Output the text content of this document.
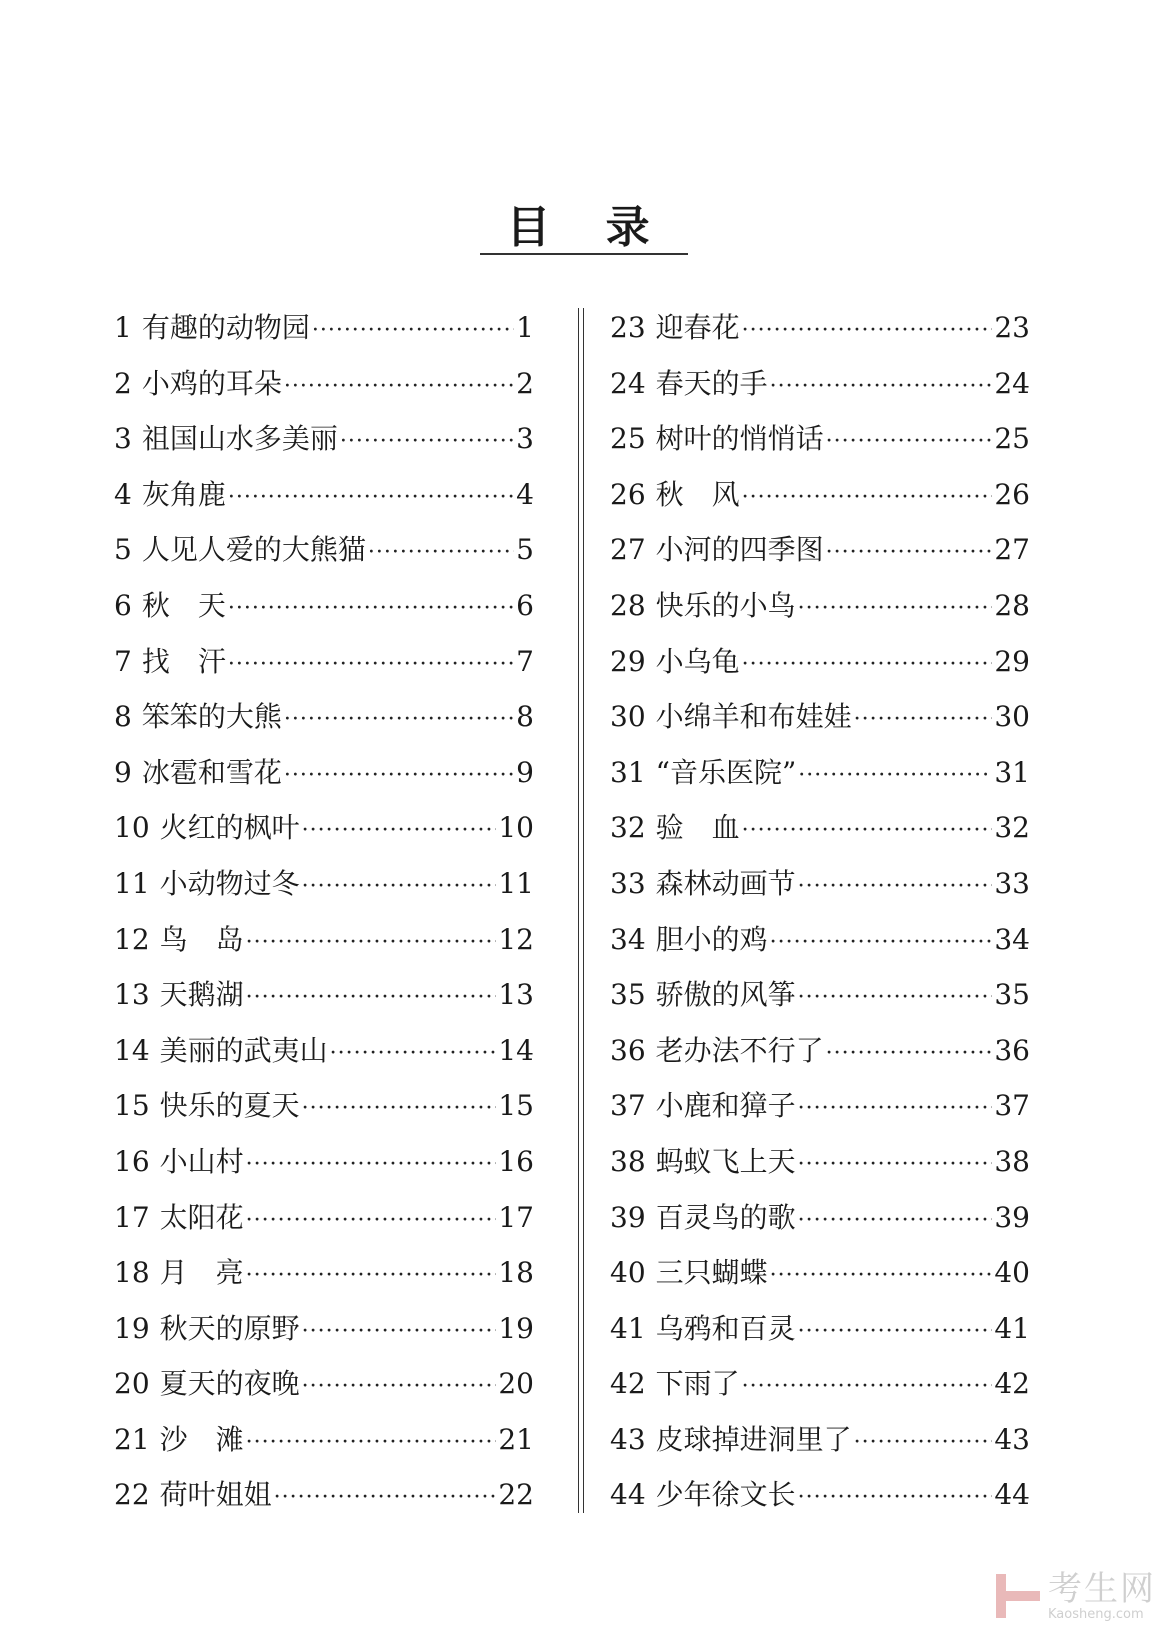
目 录
1 有趣的动物园 ·····	1
2 小鸡的耳朵 ·····	2
3 祖国山水多美丽 ·····	3
4 灰角鹿 ·····	4
5 人见人爱的大熊猫 ·····	5
6 秋　天 ·····	6
7 找　汗 ·····	7
8 笨笨的大熊 ·····	8
9 冰雹和雪花 ·····	9
10 火红的枫叶 ·····	10
11 小动物过冬 ·····	11
12 鸟　岛 ·····	12
13 天鹅湖 ·····	13
14 美丽的武夷山 ·····	14
15 快乐的夏天 ·····	15
16 小山村 ·····	16
17 太阳花 ·····	17
18 月　亮 ·····	18
19 秋天的原野 ·····	19
20 夏天的夜晚 ·····	20
21 沙　滩 ·····	21
22 荷叶姐姐 ·····	22
23 迎春花 ·····	23
24 春天的手 ·····	24
25 树叶的悄悄话 ·····	25
26 秋　风 ·····	26
27 小河的四季图 ·····	27
28 快乐的小鸟 ·····	28
29 小乌龟 ·····	29
30 小绵羊和布娃娃 ·····	30
31 “音乐医院” ·····	31
32 验　血 ·····	32
33 森林动画节 ·····	33
34 胆小的鸡 ·····	34
35 骄傲的风筝 ·····	35
36 老办法不行了 ·····	36
37 小鹿和獐子 ·····	37
38 蚂蚁飞上天 ·····	38
39 百灵鸟的歌 ·····	39
40 三只蝴蝶 ·····	40
41 乌鸦和百灵 ·····	41
42 下雨了 ·····	42
43 皮球掉进洞里了 ·····	43
44 少年徐文长 ·····	44
考生网
Kaosheng.com
